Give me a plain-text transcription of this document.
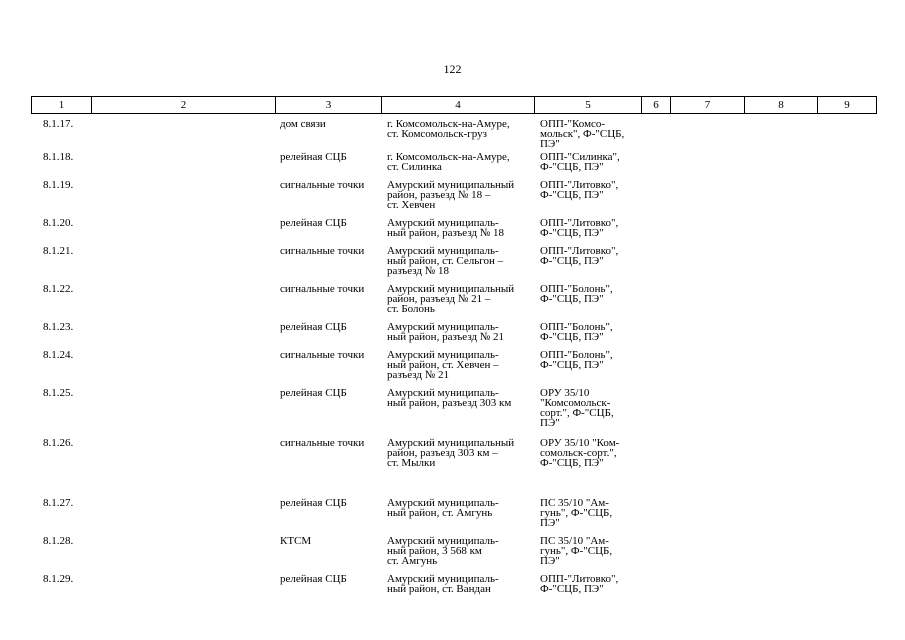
122
1	2	3	4	5	6	7	8	9
8.1.17.		дом связи	г. Комсомольск-на-Амуре,
ст. Комсомольск-груз	ОПП-"Комсо-
мольск", Ф-"СЦБ,
ПЭ"				

8.1.18.		релейная СЦБ	г. Комсомольск-на-Амуре,
ст. Силинка	ОПП-"Силинка",
Ф-"СЦБ, ПЭ"				

8.1.19.		сигнальные точки	Амурский муниципальный
район, разъезд № 18 –
ст. Хевчен	ОПП-"Литовко",
Ф-"СЦБ, ПЭ"				

8.1.20.		релейная СЦБ	Амурский муниципаль-
ный район, разъезд № 18	ОПП-"Литовко",
Ф-"СЦБ, ПЭ"				

8.1.21.		сигнальные точки	Амурский муниципаль-
ный район, ст. Сельгон –
разъезд № 18	ОПП-"Литовко",
Ф-"СЦБ, ПЭ"				

8.1.22.		сигнальные точки	Амурский муниципальный
район, разъезд № 21 –
ст. Болонь	ОПП-"Болонь",
Ф-"СЦБ, ПЭ"				

8.1.23.		релейная СЦБ	Амурский муниципаль-
ный район, разъезд № 21	ОПП-"Болонь",
Ф-"СЦБ, ПЭ"				

8.1.24.		сигнальные точки	Амурский муниципаль-
ный район, ст. Хевчен –
разъезд № 21	ОПП-"Болонь",
Ф-"СЦБ, ПЭ"				

8.1.25.		релейная СЦБ	Амурский муниципаль-
ный район, разъезд 303 км	ОРУ 35/10
"Комсомольск-
сорт.", Ф-"СЦБ,
ПЭ"				

8.1.26.		сигнальные точки	Амурский муниципальный
район, разъезд 303 км –
ст. Мылки	ОРУ 35/10 "Ком-
сомольск-сорт.",
Ф-"СЦБ, ПЭ"				

8.1.27.		релейная СЦБ	Амурский муниципаль-
ный район, ст. Амгунь	ПС 35/10 "Ам-
гунь", Ф-"СЦБ,
ПЭ"				

8.1.28.		КТСМ	Амурский муниципаль-
ный район, 3 568 км
ст. Амгунь	ПС 35/10 "Ам-
гунь", Ф-"СЦБ,
ПЭ"				

8.1.29.		релейная СЦБ	Амурский муниципаль-
ный район, ст. Вандан	ОПП-"Литовко",
Ф-"СЦБ, ПЭ"				
